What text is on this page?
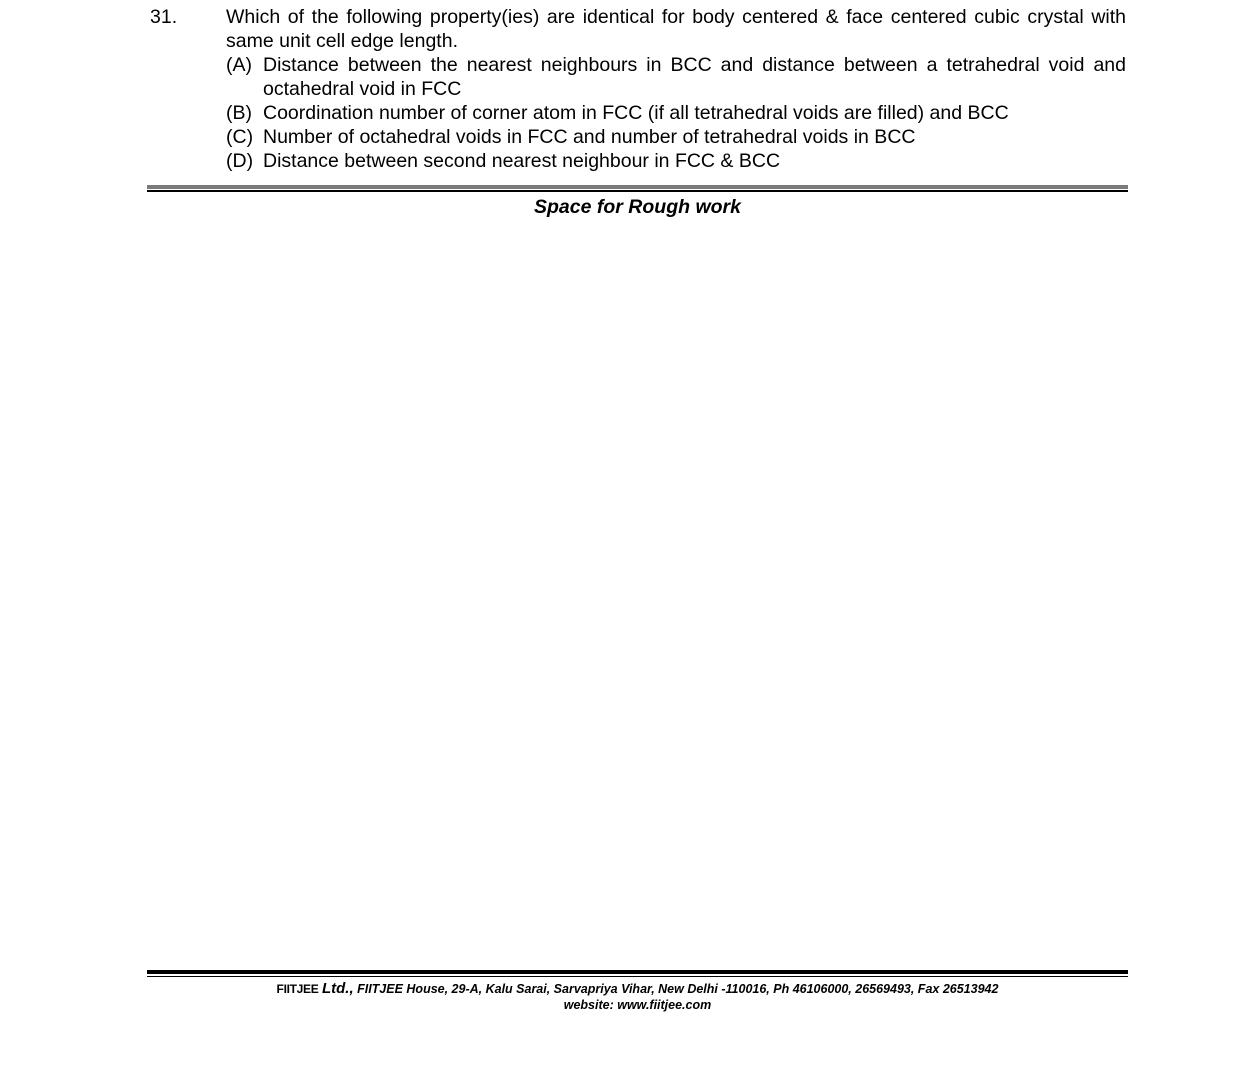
31.	Which of the following property(ies) are identical for body centered & face centered cubic crystal with same unit cell edge length.
(A) Distance between the nearest neighbours in BCC and distance between a tetrahedral void and octahedral void in FCC
(B) Coordination number of corner atom in FCC (if all tetrahedral voids are filled) and BCC
(C) Number of octahedral voids in FCC and number of tetrahedral voids in BCC
(D) Distance between second nearest neighbour in FCC & BCC
Space for Rough work
FIITJEE Ltd., FIITJEE House, 29-A, Kalu Sarai, Sarvapriya Vihar, New Delhi -110016, Ph 46106000, 26569493, Fax 26513942
website: www.fiitjee.com
